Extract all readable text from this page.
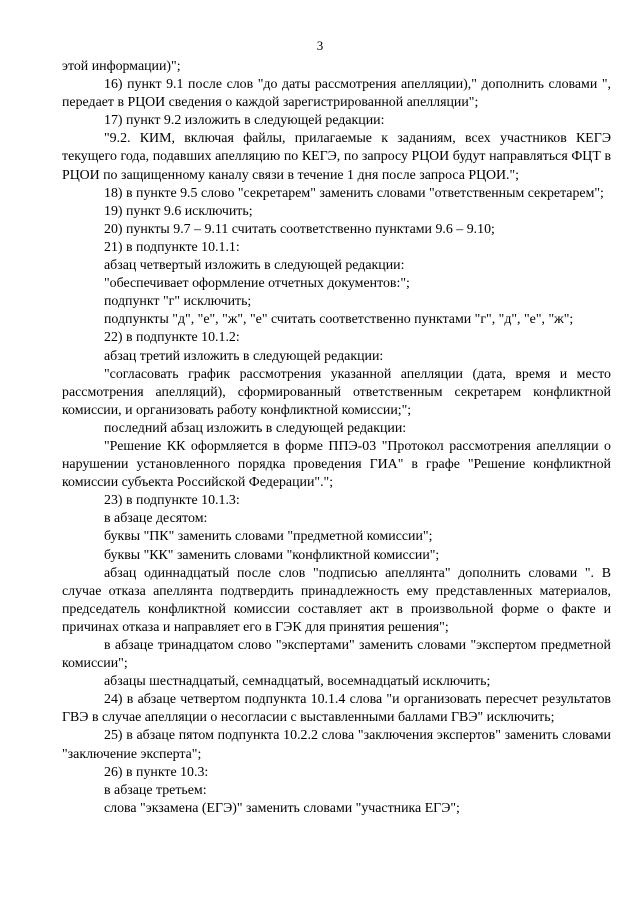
3

этой информации)";

16) пункт 9.1 после слов "до даты рассмотрения апелляции)," дополнить словами ", передает в РЦОИ сведения о каждой зарегистрированной апелляции";

17) пункт 9.2 изложить в следующей редакции:

"9.2. КИМ, включая файлы, прилагаемые к заданиям, всех участников КЕГЭ текущего года, подавших апелляцию по КЕГЭ, по запросу РЦОИ будут направляться ФЦТ в РЦОИ по защищенному каналу связи в течение 1 дня после запроса РЦОИ.";

18) в пункте 9.5 слово "секретарем" заменить словами "ответственным секретарем";

19) пункт 9.6 исключить;

20) пункты 9.7 – 9.11 считать соответственно пунктами 9.6 – 9.10;

21) в подпункте 10.1.1:

абзац четвертый изложить в следующей редакции:

"обеспечивает оформление отчетных документов:";

подпункт "г" исключить;

подпункты "д", "е", "ж", "е" считать соответственно пунктами "г", "д", "е", "ж";

22) в подпункте 10.1.2:

абзац третий изложить в следующей редакции:

"согласовать график рассмотрения указанной апелляции (дата, время и место рассмотрения апелляций), сформированный ответственным секретарем конфликтной комиссии, и организовать работу конфликтной комиссии;";

последний абзац изложить в следующей редакции:

"Решение КК оформляется в форме ППЭ-03 "Протокол рассмотрения апелляции о нарушении установленного порядка проведения ГИА" в графе "Решение конфликтной комиссии субъекта Российской Федерации".";

23) в подпункте 10.1.3:

в абзаце десятом:

буквы "ПК" заменить словами "предметной комиссии";

буквы "КК" заменить словами "конфликтной комиссии";

абзац одиннадцатый после слов "подписью апеллянта" дополнить словами ". В случае отказа апеллянта подтвердить принадлежность ему представленных материалов, председатель конфликтной комиссии составляет акт в произвольной форме о факте и причинах отказа и направляет его в ГЭК для принятия решения";

в абзаце тринадцатом слово "экспертами" заменить словами "экспертом предметной комиссии";

абзацы шестнадцатый, семнадцатый, восемнадцатый исключить;

24) в абзаце четвертом подпункта 10.1.4 слова "и организовать пересчет результатов ГВЭ в случае апелляции о несогласии с выставленными баллами ГВЭ" исключить;

25) в абзаце пятом подпункта 10.2.2 слова "заключения экспертов" заменить словами "заключение эксперта";

26) в пункте 10.3:

в абзаце третьем:

слова "экзамена (ЕГЭ)" заменить словами "участника ЕГЭ";
